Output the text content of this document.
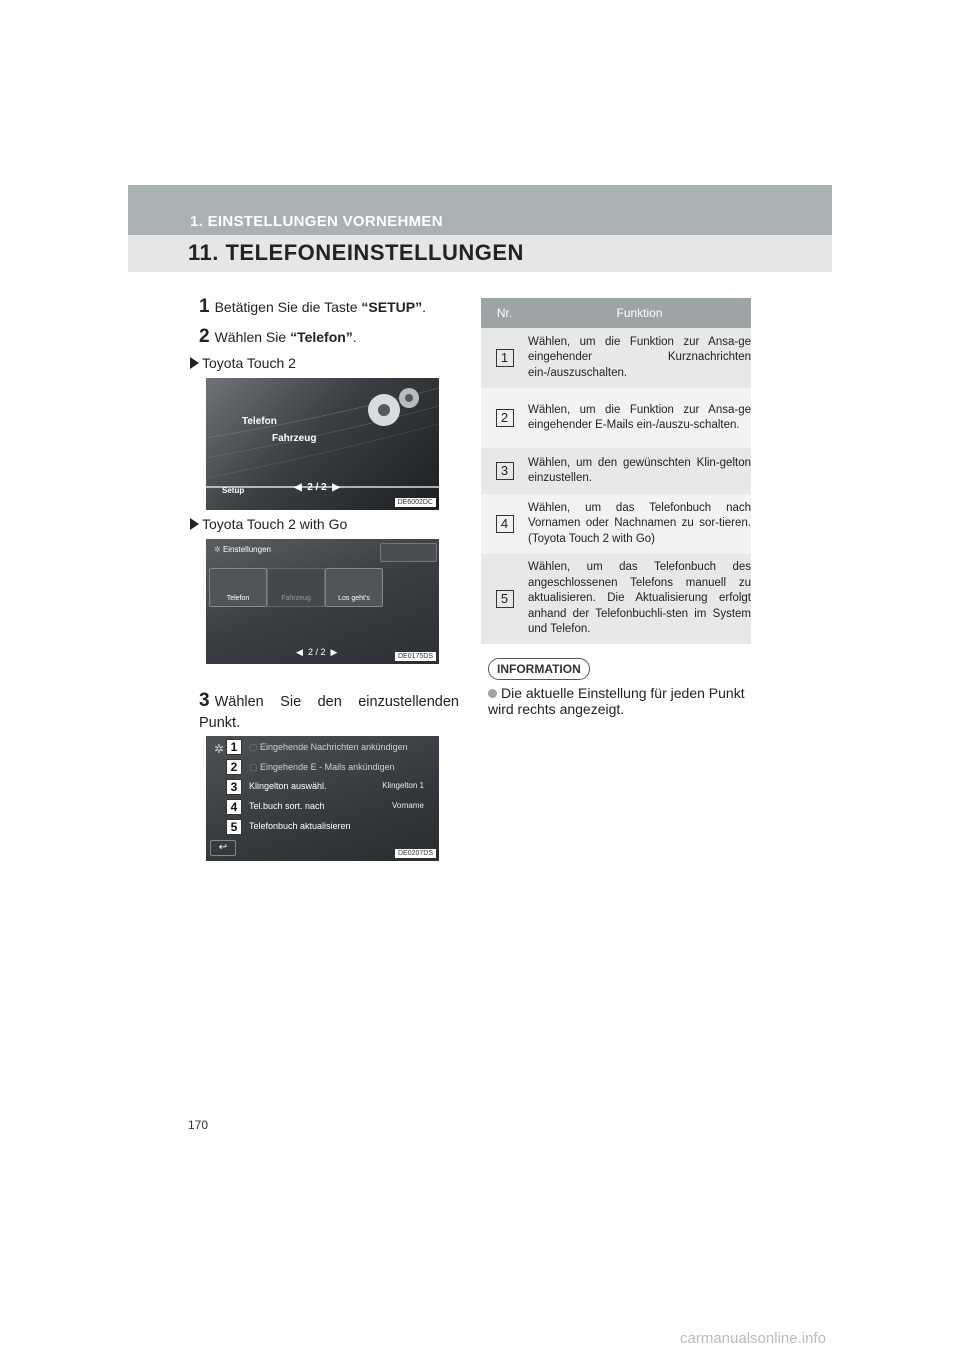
1. EINSTELLUNGEN VORNEHMEN
11. TELEFONEINSTELLUNGEN
1 Betätigen Sie die Taste “SETUP”.
2 Wählen Sie “Telefon”.
Toyota Touch 2
Telefon
Fahrzeug
Setup	◀  2 / 2  ▶
DE6002DC
Toyota Touch 2 with Go
✲ Einstellungen
Telefon	Fahrzeug	Los geht's
◀  2 / 2  ▶	DE0175DS
3 Wählen Sie den einzustellenden Punkt.
✲ 1	▢ Eingehende Nachrichten ankündigen
2	▢ Eingehende E - Mails ankündigen
3	Klingelton auswähl.	Klingelton 1
4	Tel.buch sort. nach	Vorname
5	Telefonbuch aktualisieren
↩
DE0207DS
Nr.	Funktion
1	Wählen, um die Funktion zur Ansa-ge eingehender Kurznachrichten ein-/auszuschalten.
2	Wählen, um die Funktion zur Ansa-ge eingehender E-Mails ein-/auszu-schalten.
3	Wählen, um den gewünschten Klin-gelton einzustellen.
4	Wählen, um das Telefonbuch nach Vornamen oder Nachnamen zu sor-tieren. (Toyota Touch 2 with Go)
5	Wählen, um das Telefonbuch des angeschlossenen Telefons manuell zu aktualisieren. Die Aktualisierung erfolgt anhand der Telefonbuchli-sten im System und Telefon.
INFORMATION
Die aktuelle Einstellung für jeden Punkt wird rechts angezeigt.
170
carmanualsonline.info
